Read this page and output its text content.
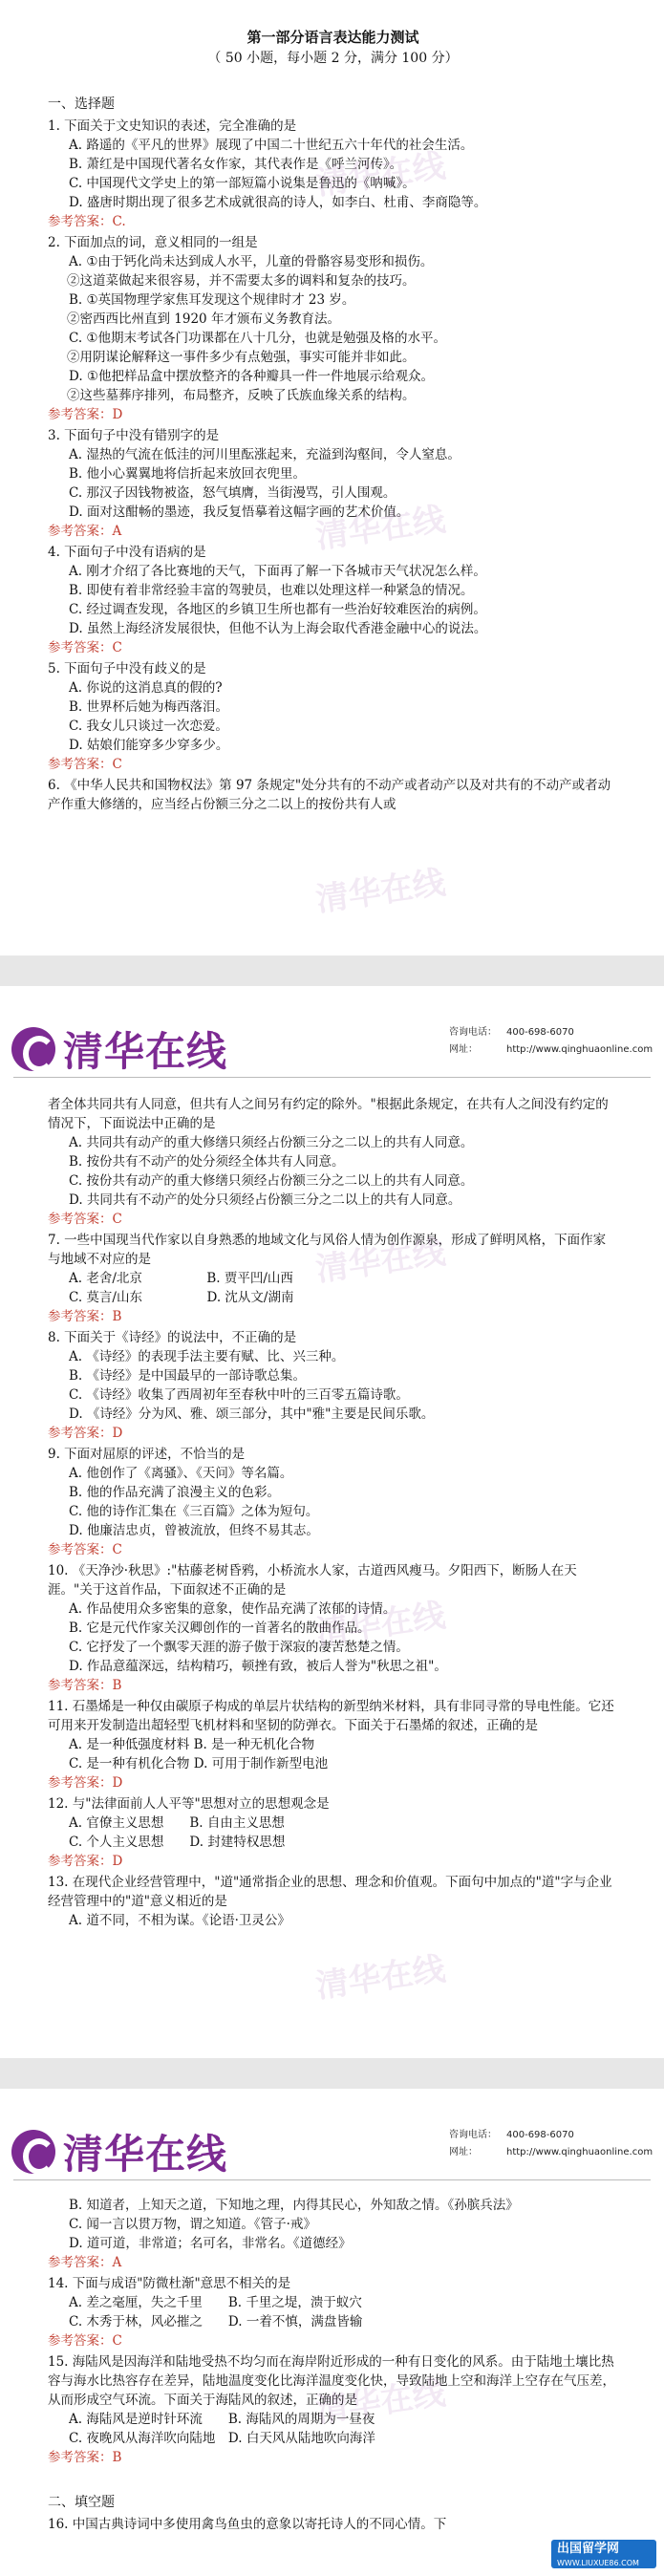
清华在线
清华在线
清华在线
第一部分语言表达能力测试
（ 50 小题，每小题 2 分，满分 100 分）
一、选择题
1. 下面关于文史知识的表述，完全准确的是
A. 路遥的《平凡的世界》展现了中国二十世纪五六十年代的社会生活。
B. 萧红是中国现代著名女作家，其代表作是《呼兰河传》。
C. 中国现代文学史上的第一部短篇小说集是鲁迅的《呐喊》。
D. 盛唐时期出现了很多艺术成就很高的诗人，如李白、杜甫、李商隐等。
参考答案：C.
2. 下面加点的词，意义相同的一组是
A. ①由于钙化尚未达到成人水平，儿童的骨骼容易变形和损伤。
②这道菜做起来很容易，并不需要太多的调料和复杂的技巧。
B. ①英国物理学家焦耳发现这个规律时才 23 岁。
②密西西比州直到 1920 年才颁布义务教育法。
C. ①他期末考试各门功课都在八十几分，也就是勉强及格的水平。
②用阴谋论解释这一事件多少有点勉强，事实可能并非如此。
D. ①他把样品盒中摆放整齐的各种瓣具一件一件地展示给观众。
②这些墓葬序排列，布局整齐，反映了氏族血缘关系的结构。
参考答案：D
3. 下面句子中没有错别字的是
A. 湿热的气流在低洼的河川里酝涨起来，充溢到沟壑间，令人窒息。
B. 他小心翼翼地将信折起来放回衣兜里。
C. 那汉子因钱物被盗，怒气填膺，当街漫骂，引人围观。
D. 面对这酣畅的墨迹，我反复悟摹着这幅字画的艺术价值。
参考答案：A
4. 下面句子中没有语病的是
A. 刚才介绍了各比赛地的天气，下面再了解一下各城市天气状况怎么样。
B. 即使有着非常经验丰富的驾驶员，也难以处理这样一种紧急的情况。
C. 经过调查发现，各地区的乡镇卫生所也都有一些治好较难医治的病例。
D. 虽然上海经济发展很快，但他不认为上海会取代香港金融中心的说法。
参考答案：C
5. 下面句子中没有歧义的是
A. 你说的这消息真的假的?
B. 世界杯后她为梅西落泪。
C. 我女儿只谈过一次恋爱。
D. 姑娘们能穿多少穿多少。
参考答案：C
6. 《中华人民共和国物权法》第 97 条规定"处分共有的不动产或者动产以及对共有的不动产或者动产作重大修缮的，应当经占份额三分之二以上的按份共有人或
清华在线	咨询电话： 400-698-6070
网址：	http://www.qinghuaonline.com
清华在线
清华在线
清华在线
者全体共同共有人同意，但共有人之间另有约定的除外。"根据此条规定，在共有人之间没有约定的情况下，下面说法中正确的是
A. 共同共有动产的重大修缮只须经占份额三分之二以上的共有人同意。
B. 按份共有不动产的处分须经全体共有人同意。
C. 按份共有动产的重大修缮只须经占份额三分之二以上的共有人同意。
D. 共同共有不动产的处分只须经占份额三分之二以上的共有人同意。
参考答案：C
7. 一些中国现当代作家以自身熟悉的地域文化与风俗人情为创作源泉，形成了鲜明风格，下面作家与地域不对应的是
A. 老舍/北京　　　　　B. 贾平凹/山西
C. 莫言/山东　　　　　D. 沈从文/湖南
参考答案：B
8. 下面关于《诗经》的说法中，不正确的是
A. 《诗经》的表现手法主要有赋、比、兴三种。
B. 《诗经》是中国最早的一部诗歌总集。
C. 《诗经》收集了西周初年至春秋中叶的三百零五篇诗歌。
D. 《诗经》分为风、雅、颂三部分，其中"雅"主要是民间乐歌。
参考答案：D
9. 下面对屈原的评述，不恰当的是
A. 他创作了《离骚》、《天问》等名篇。
B. 他的作品充满了浪漫主义的色彩。
C. 他的诗作汇集在《三百篇》之体为短句。
D. 他廉洁忠贞，曾被流放，但终不易其志。
参考答案：C
10. 《天净沙·秋思》:"枯藤老树昏鸦，小桥流水人家，古道西风瘦马。夕阳西下，断肠人在天涯。"关于这首作品，下面叙述不正确的是
A. 作品使用众多密集的意象，使作品充满了浓郁的诗情。
B. 它是元代作家关汉卿创作的一首著名的散曲作品。
C. 它抒发了一个飘零天涯的游子傲于深寂的凄苦愁楚之情。
D. 作品意蕴深远，结构精巧，顿挫有致，被后人誉为"秋思之祖"。
参考答案：B
11. 石墨烯是一种仅由碳原子构成的单层片状结构的新型纳米材料，具有非同寻常的导电性能。它还可用来开发制造出超轻型飞机材料和坚韧的防弹衣。下面关于石墨烯的叙述，正确的是
A. 是一种低强度材料 B. 是一种无机化合物
C. 是一种有机化合物 D. 可用于制作新型电池
参考答案：D
12. 与"法律面前人人平等"思想对立的思想观念是
A. 官僚主义思想　　B. 自由主义思想
C. 个人主义思想　　D. 封建特权思想
参考答案：D
13. 在现代企业经营管理中，"道"通常指企业的思想、理念和价值观。下面句中加点的"道"字与企业经营管理中的"道"意义相近的是
A. 道不同，不相为谋。《论语·卫灵公》
清华在线	咨询电话： 400-698-6070
网址：	http://www.qinghuaonline.com
清华在线
B. 知道者，上知天之道，下知地之理，内得其民心，外知敌之情。《孙膑兵法》
C. 闻一言以贯万物，谓之知道。《管子·戒》
D. 道可道，非常道；名可名，非常名。《道德经》
参考答案：A
14. 下面与成语"防微杜渐"意思不相关的是
A. 差之毫厘，失之千里　　B. 千里之堤，溃于蚁穴
C. 木秀于林，风必摧之　　D. 一着不慎，满盘皆输
参考答案：C
15. 海陆风是因海洋和陆地受热不均匀而在海岸附近形成的一种有日变化的风系。由于陆地土壤比热容与海水比热容存在差异，陆地温度变化比海洋温度变化快，导致陆地上空和海洋上空存在气压差，从而形成空气环流。下面关于海陆风的叙述，正确的是
A. 海陆风是逆时针环流　　B. 海陆风的周期为一昼夜
C. 夜晚风从海洋吹向陆地　D. 白天风从陆地吹向海洋
参考答案：B
二、填空题
16. 中国古典诗词中多使用禽鸟鱼虫的意象以寄托诗人的不同心情。下
出国留学网
WWW.LIUXUE86.COM
